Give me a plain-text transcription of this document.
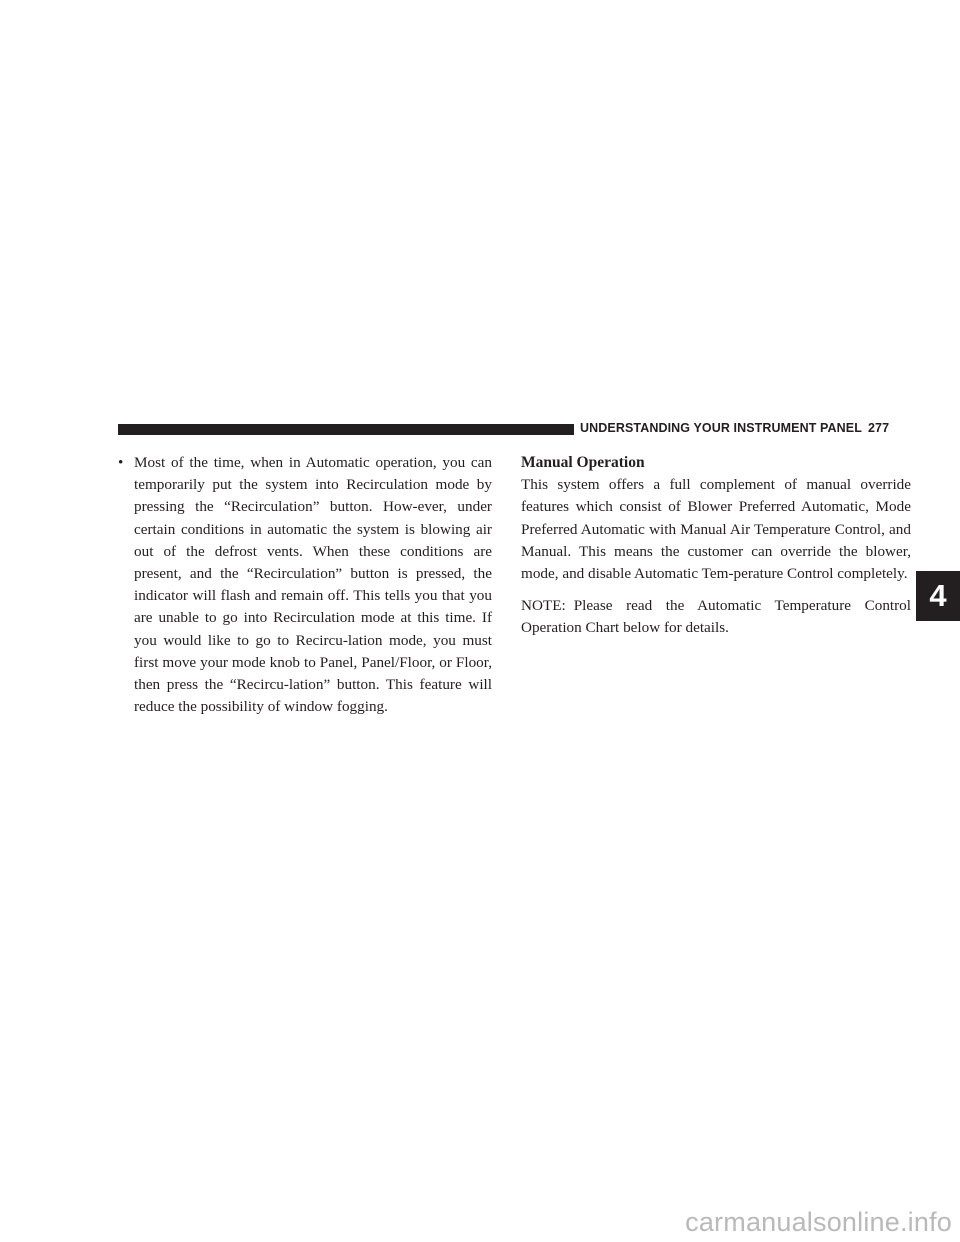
UNDERSTANDING YOUR INSTRUMENT PANEL 277
• Most of the time, when in Automatic operation, you can temporarily put the system into Recirculation mode by pressing the “Recirculation” button. How-ever, under certain conditions in automatic the system is blowing air out of the defrost vents. When these conditions are present, and the “Recirculation” button is pressed, the indicator will flash and remain off. This tells you that you are unable to go into Recirculation mode at this time. If you would like to go to Recircu-lation mode, you must first move your mode knob to Panel, Panel/Floor, or Floor, then press the “Recircu-lation” button. This feature will reduce the possibility of window fogging.
Manual Operation

This system offers a full complement of manual override features which consist of Blower Preferred Automatic, Mode Preferred Automatic with Manual Air Temperature Control, and Manual. This means the customer can override the blower, mode, and disable Automatic Tem-perature Control completely.

NOTE: Please read the Automatic Temperature Control Operation Chart below for details.
4
carmanualsonline.info
